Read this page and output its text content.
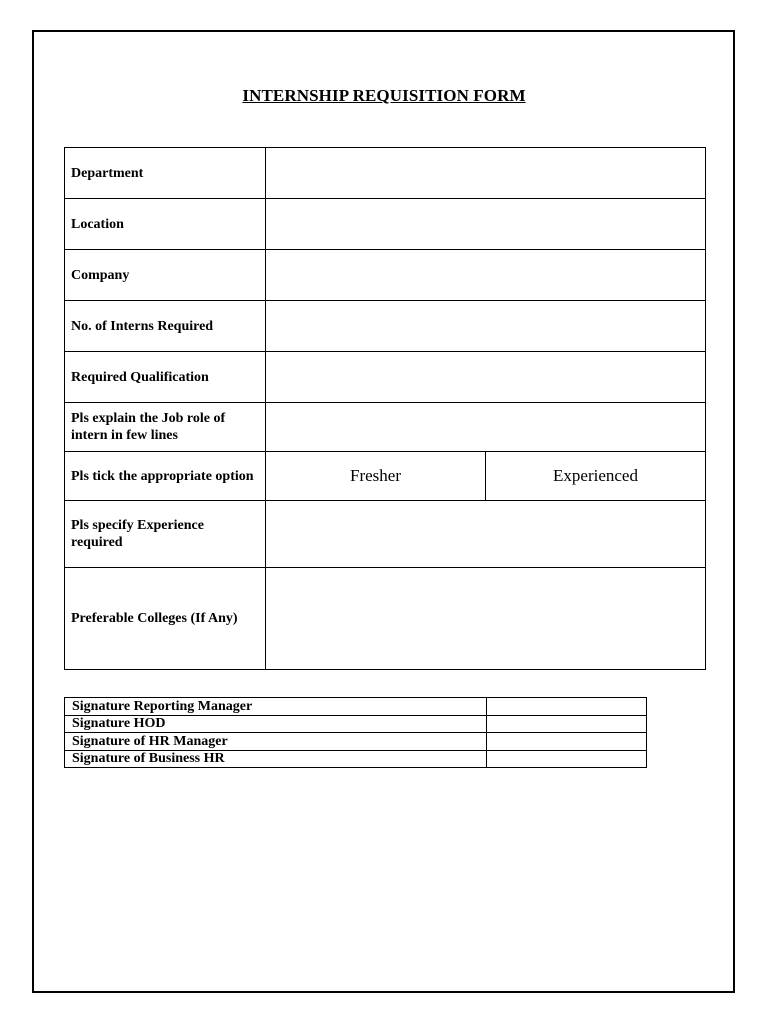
INTERNSHIP REQUISITION FORM
Department		
Location		
Company		
No. of Interns Required		
Required Qualification		
Pls explain the Job role of intern in few lines		
Pls tick the appropriate option	Fresher	Experienced
Pls specify Experience required		
Preferable Colleges (If Any)		
Signature Reporting Manager	
Signature HOD	
Signature of HR Manager	
Signature of Business HR	
